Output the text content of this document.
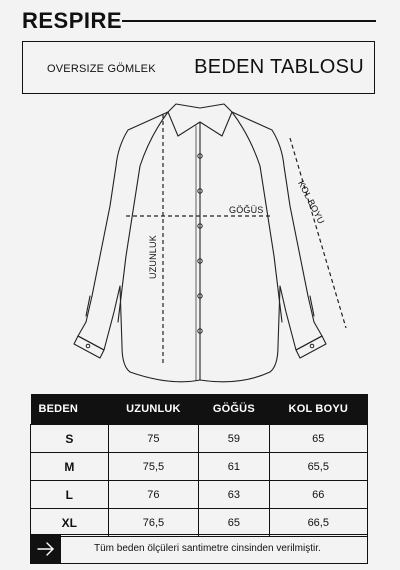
RESPIRE
OVERSIZE GÖMLEK BEDEN TABLOSU
GÖĞÜS
UZUNLUK
KOL BOYU
BEDEN	UZUNLUK	GÖĞÜS	KOL BOYU
S	75	59	65
M	75,5	61	65,5
L	76	63	66
XL	76,5	65	66,5
Tüm beden ölçüleri santimetre cinsinden verilmiştir.
